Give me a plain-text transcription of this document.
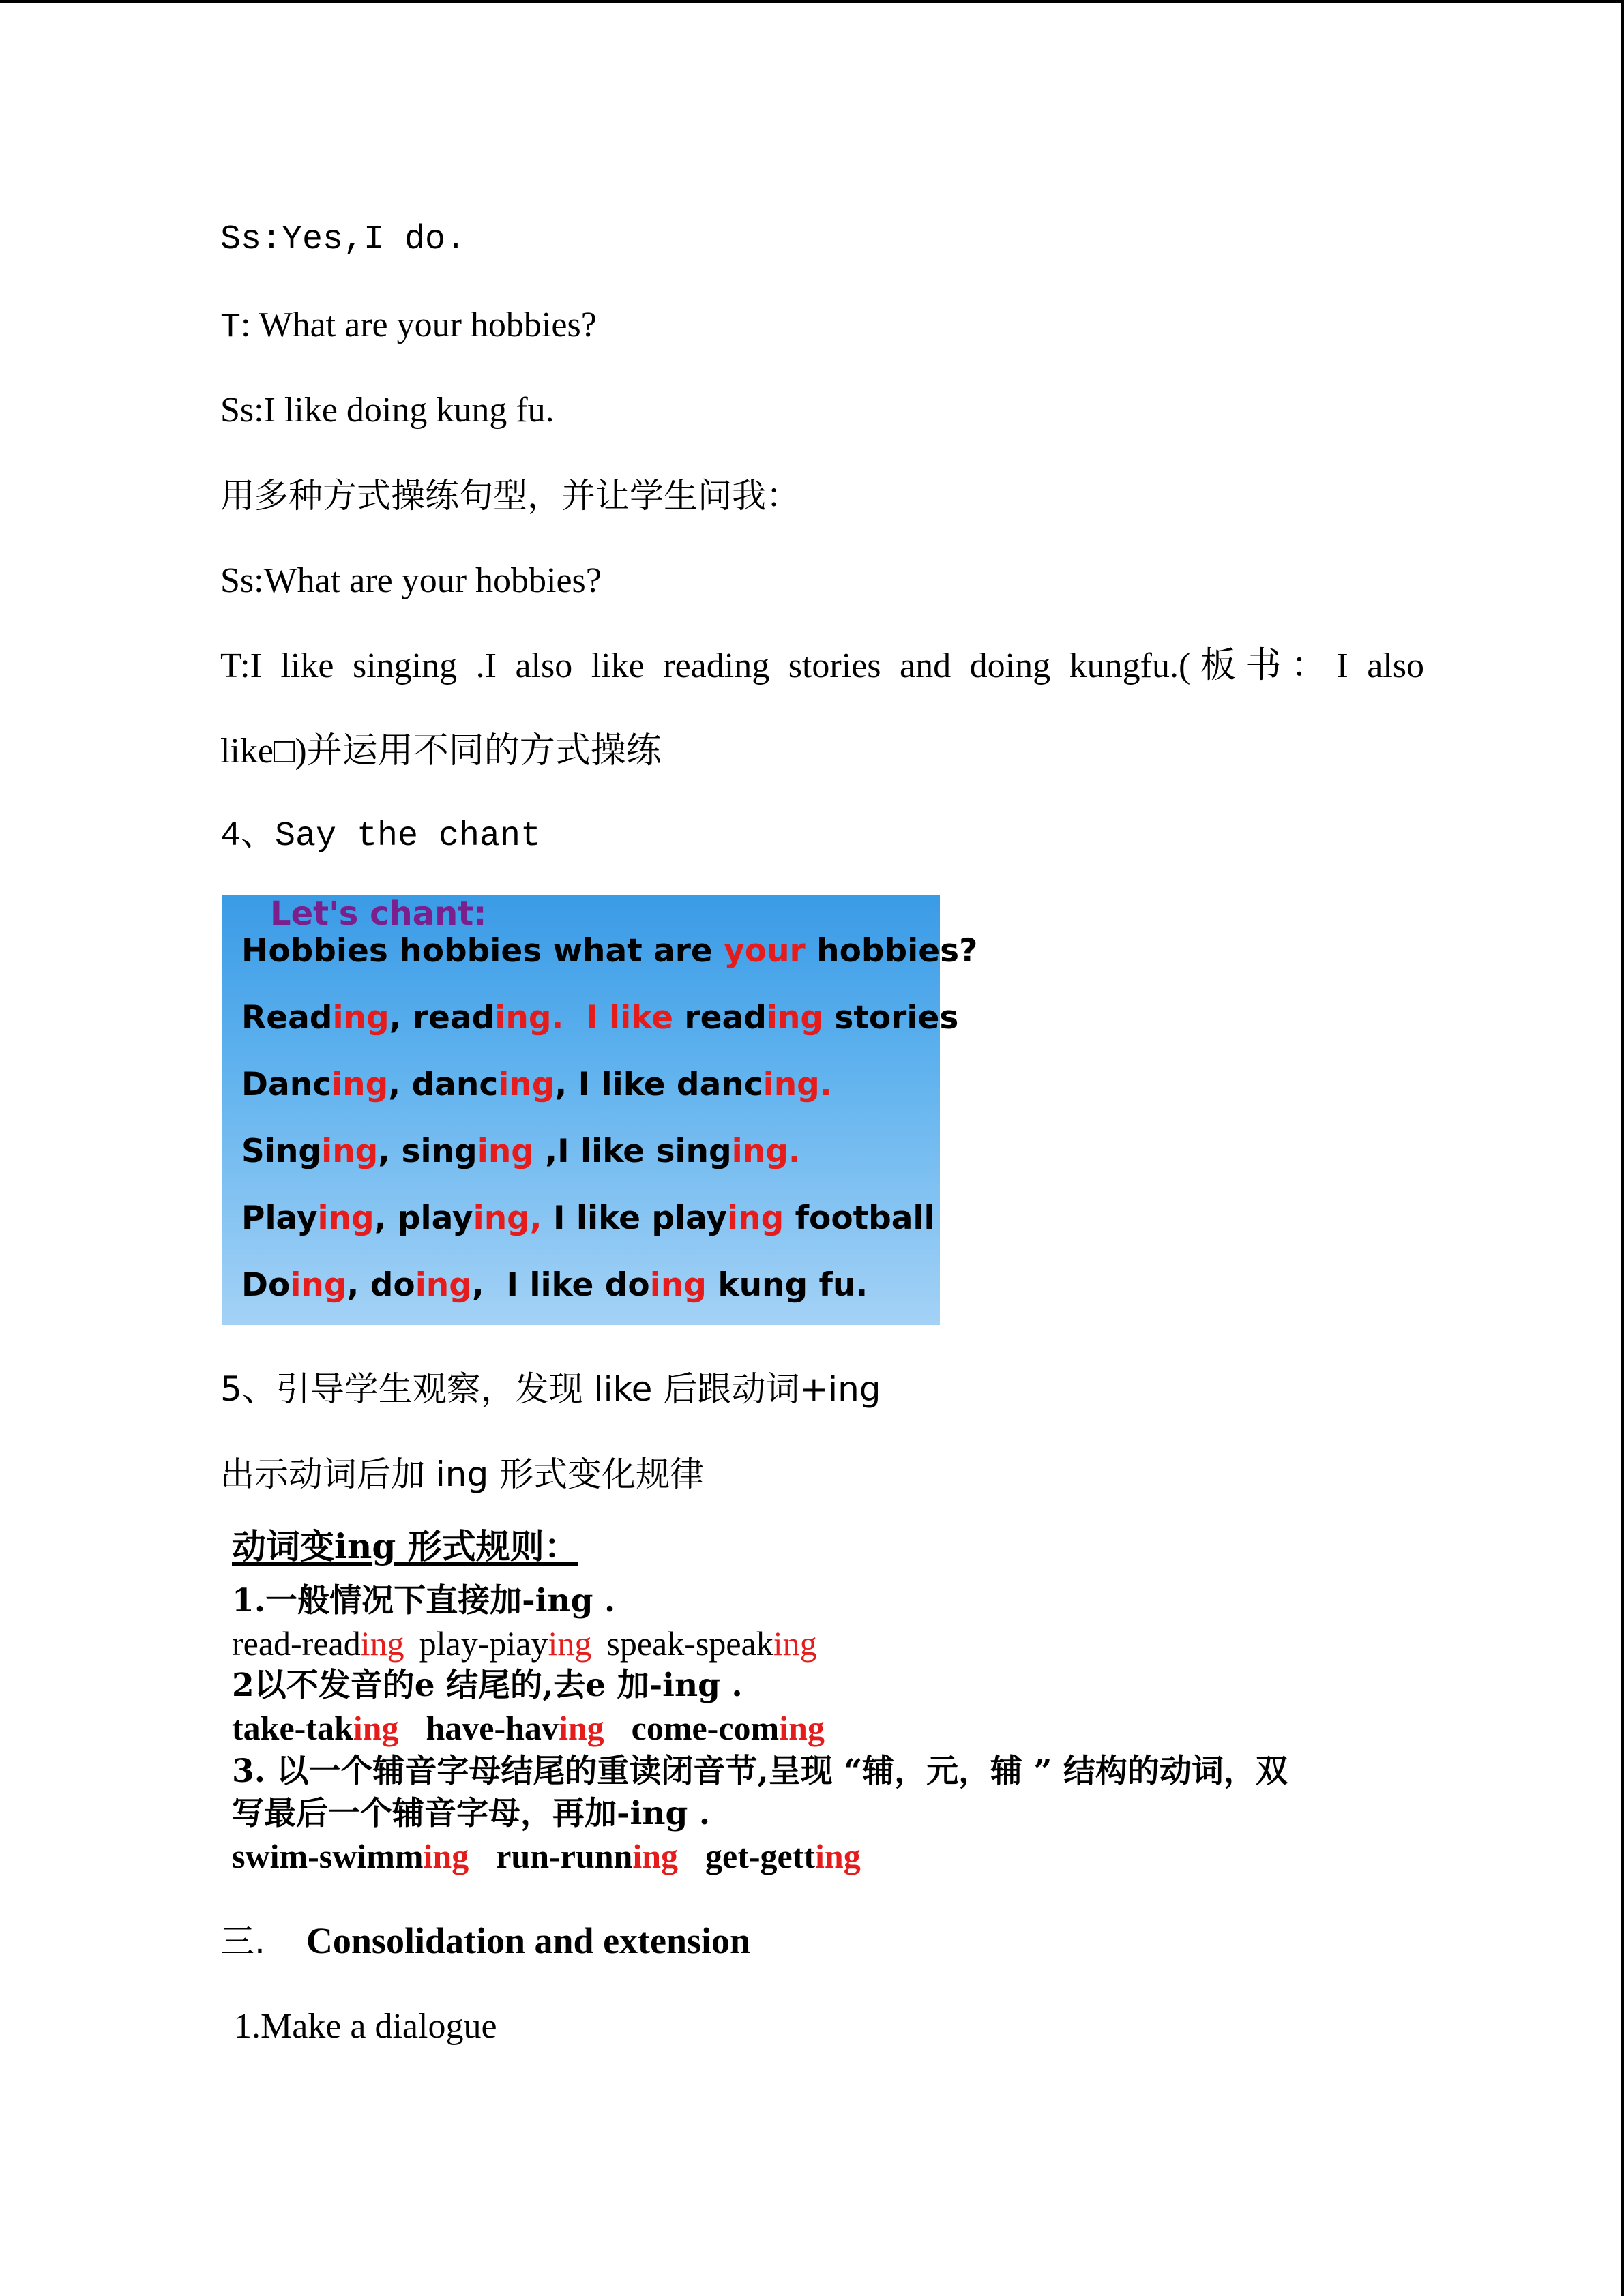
Ss:Yes,I do.
T: What are your hobbies?
Ss:I like doing kung fu.
用多种方式操练句型，并让学生问我：
Ss:What are your hobbies?
T:I like singing .I also like reading stories and doing kungfu.(板书：I also
like□)并运用不同的方式操练
4、Say the chant
Let's chant:
Hobbies hobbies what are your hobbies?
Reading, reading. I like reading stories
Dancing, dancing, I like dancing.
Singing, singing ,I like singing.
Playing, playing, I like playing football
Doing, doing,  I like doing kung fu.
5、引导学生观察，发现 like 后跟动词+ing
出示动词后加 ing 形式变化规律
动词变ing 形式规则：
1.一般情况下直接加-ing .
read-reading play-piaying speak-speaking
2以不发音的e 结尾的,去e 加-ing .
take-taking have-having come-coming
3. 以一个辅音字母结尾的重读闭音节,呈现 “辅，元，辅 ” 结构的动词，双
写最后一个辅音字母，再加-ing .
swim-swimming run-running get-getting
三. Consolidation and extension
1.Make a dialogue
